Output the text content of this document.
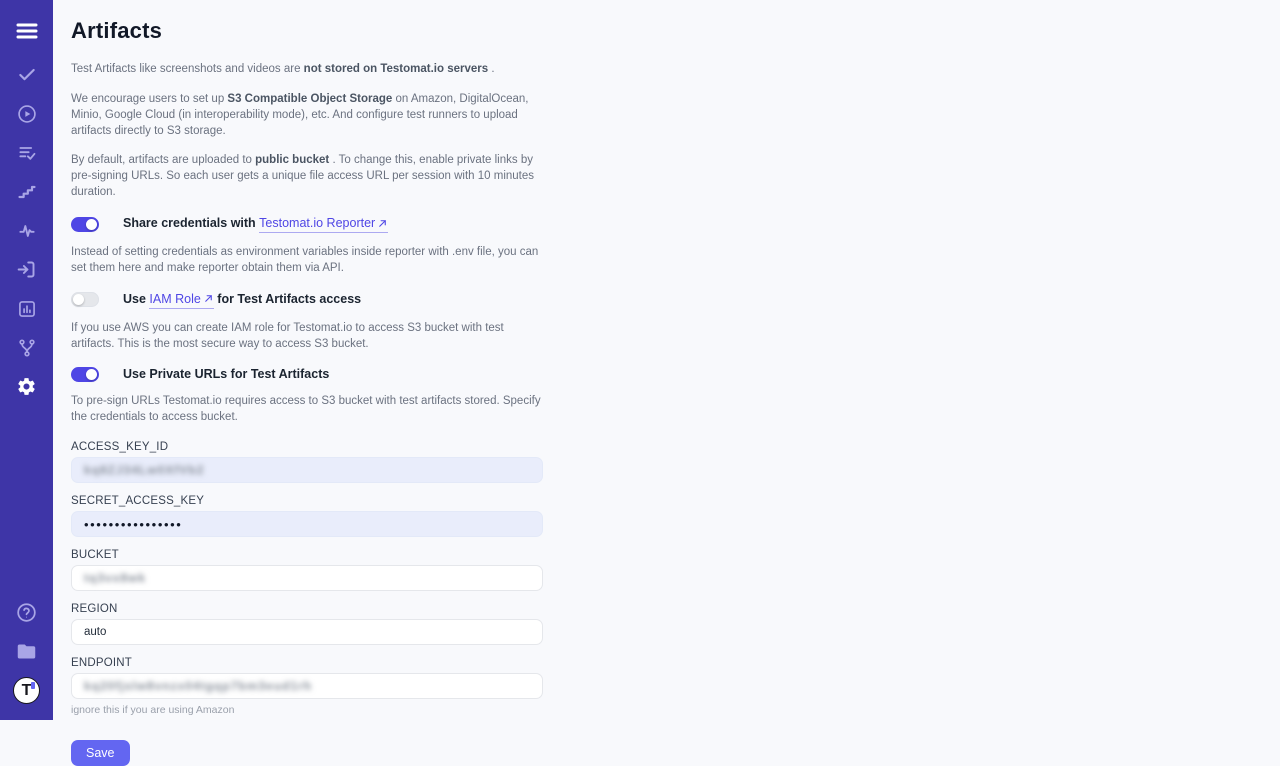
T
Artifacts

Test Artifacts like screenshots and videos are not stored on Testomat.io servers .

We encourage users to set up S3 Compatible Object Storage on Amazon, DigitalOcean, Minio, Google Cloud (in interoperability mode), etc. And configure test runners to upload artifacts directly to S3 storage.

By default, artifacts are uploaded to public bucket . To change this, enable private links by pre-signing URLs. So each user gets a unique file access URL per session with 10 minutes duration.

Share credentials with Testomat.io Reporter

Instead of setting credentials as environment variables inside reporter with .env file, you can set them here and make reporter obtain them via API.

Use IAM Role for Test Artifacts access

If you use AWS you can create IAM role for Testomat.io to access S3 bucket with test artifacts. This is the most secure way to access S3 bucket.

Use Private URLs for Test Artifacts

To pre-sign URLs Testomat.io requires access to S3 bucket with test artifacts stored. Specify the credentials to access bucket.

ACCESS_KEY_ID
kq8ZJ34Lw0XfVb2
SECRET_ACCESS_KEY
••••••••••••••••
BUCKET
tq3vx8wk
REGION
auto
ENDPOINT
kq20fjslw8vnzx04tgqp7bm3eud1rh
ignore this if you are using Amazon
Save
